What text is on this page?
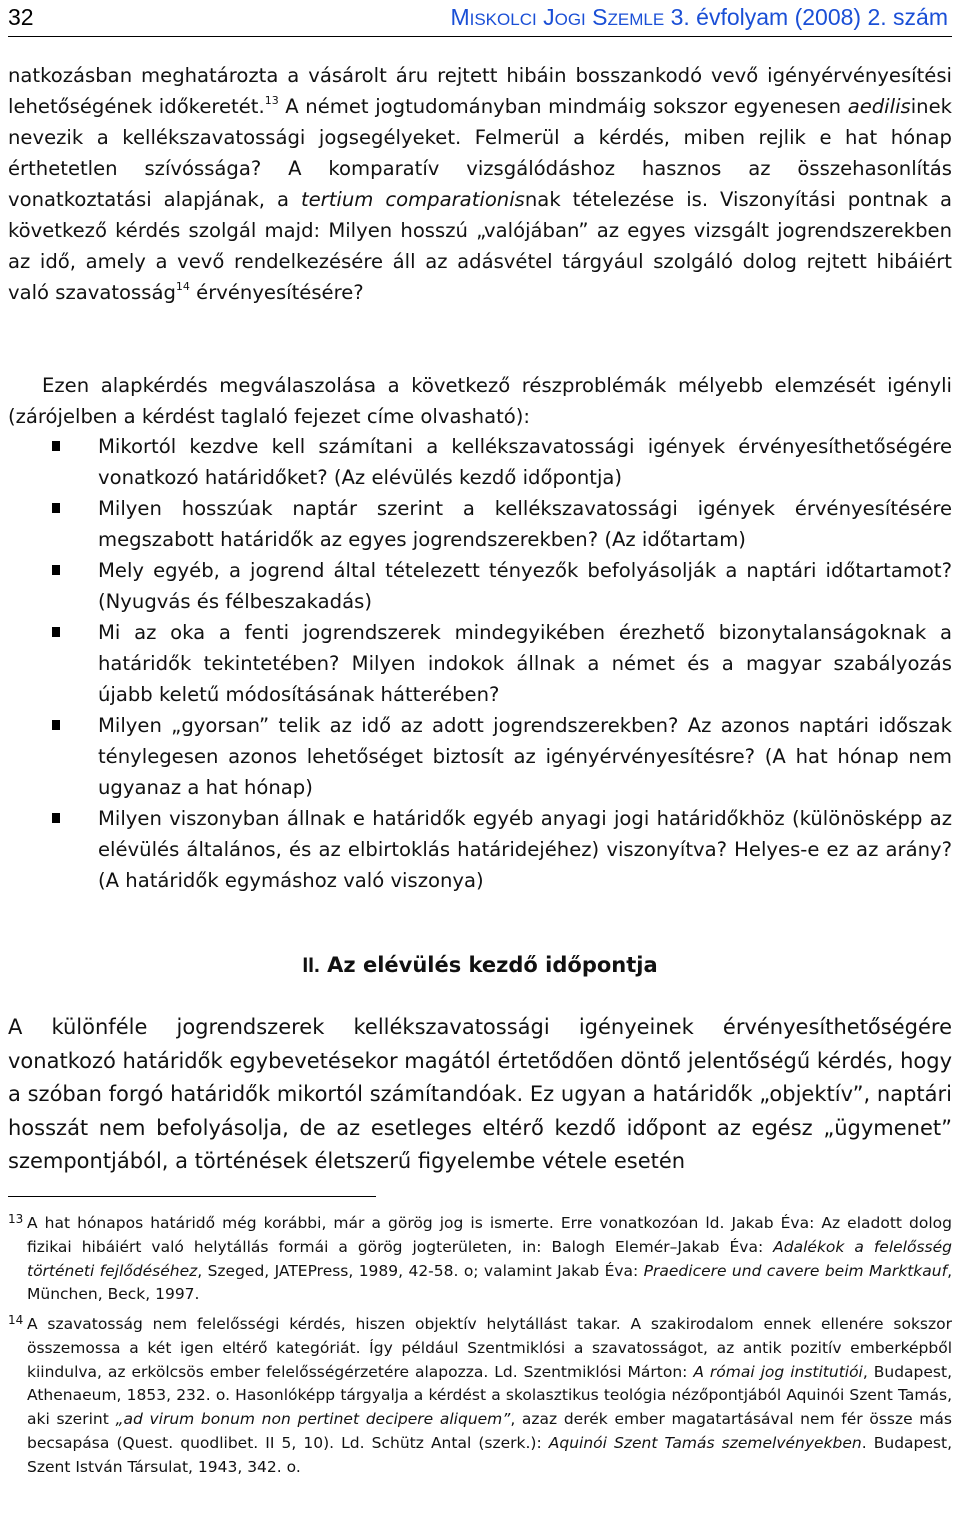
32	MISKOLCI JOGI SZEMLE 3. évfolyam (2008) 2. szám
natkozásban meghatározta a vásárolt áru rejtett hibáin bosszankodó vevő igényérvényesítési lehetőségének időkeretét.$^{13}$ A német jogtudományban mindmáig sokszor egyenesen aedilisinek nevezik a kellékszavatossági jogsegélyeket. Felmerül a kérdés, miben rejlik e hat hónap érthetetlen szívóssága? A komparatív vizsgálódáshoz hasznos az összehasonlítás vonatkoztatási alapjának, a tertium comparationisnak tételezése is. Viszonyítási pontnak a következő kérdés szolgál majd: Milyen hosszú „valójában” az egyes vizsgált jogrendszerekben az idő, amely a vevő rendelkezésére áll az adásvétel tárgyául szolgáló dolog rejtett hibáiért való szavatosság$^{14}$ érvényesítésére?
Ezen alapkérdés megválaszolása a következő részproblémák mélyebb elemzését igényli (zárójelben a kérdést taglaló fejezet címe olvasható):
Mikortól kezdve kell számítani a kellékszavatossági igények érvényesíthetőségére vonatkozó határidőket? (Az elévülés kezdő időpontja)
Milyen hosszúak naptár szerint a kellékszavatossági igények érvényesítésére megszabott határidők az egyes jogrendszerekben? (Az időtartam)
Mely egyéb, a jogrend által tételezett tényezők befolyásolják a naptári időtartamot? (Nyugvás és félbeszakadás)
Mi az oka a fenti jogrendszerek mindegyikében érezhető bizonytalanságoknak a határidők tekintetében? Milyen indokok állnak a német és a magyar szabályozás újabb keletű módosításának hátterében?
Milyen „gyorsan” telik az idő az adott jogrendszerekben? Az azonos naptári időszak ténylegesen azonos lehetőséget biztosít az igényérvényesítésre? (A hat hónap nem ugyanaz a hat hónap)
Milyen viszonyban állnak e határidők egyéb anyagi jogi határidőkhöz (különösképp az elévülés általános, és az elbirtoklás határidejéhez) viszonyítva? Helyes-e ez az arány? (A határidők egymáshoz való viszonya)
II. Az elévülés kezdő időpontja
A különféle jogrendszerek kellékszavatossági igényeinek érvényesíthetőségére vonatkozó határidők egybevetésekor magától értetődően döntő jelentőségű kérdés, hogy a szóban forgó határidők mikortól számítandóak. Ez ugyan a határidők „objektív”, naptári hosszát nem befolyásolja, de az esetleges eltérő kezdő időpont az egész „ügymenet” szempontjából, a történések életszerű figyelembe vétele esetén
13 A hat hónapos határidő még korábbi, már a görög jog is ismerte. Erre vonatkozóan ld. Jakab Éva: Az eladott dolog fizikai hibáiért való helytállás formái a görög jogterületen, in: Balogh Elemér–Jakab Éva: Adalékok a felelősség történeti fejlődéséhez, Szeged, JATEPress, 1989, 42-58. o; valamint Jakab Éva: Praedicere und cavere beim Marktkauf, München, Beck, 1997.
14 A szavatosság nem felelősségi kérdés, hiszen objektív helytállást takar. A szakirodalom ennek ellenére sokszor összemossa a két igen eltérő kategóriát. Így például Szentmiklósi a szavatosságot, az antik pozitív emberképből kiindulva, az erkölcsös ember felelősségérzetére alapozza. Ld. Szentmiklósi Márton: A római jog institutiói, Budapest, Athenaeum, 1853, 232. o. Hasonlóképp tárgyalja a kérdést a skolasztikus teológia nézőpontjából Aquinói Szent Tamás, aki szerint „ad virum bonum non pertinet decipere aliquem”, azaz derék ember magatartásával nem fér össze más becsapása (Quest. quodlibet. II 5, 10). Ld. Schütz Antal (szerk.): Aquinói Szent Tamás szemelvényekben. Budapest, Szent István Társulat, 1943, 342. o.
